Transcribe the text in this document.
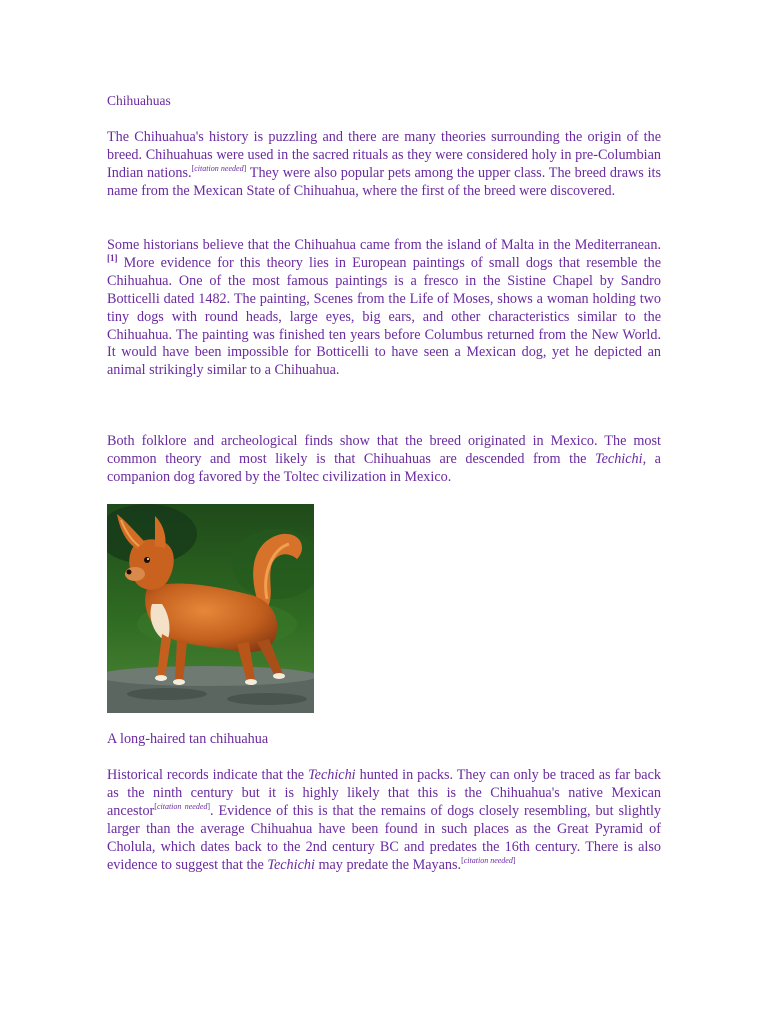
Chihuahuas

The Chihuahua's history is puzzling and there are many theories surrounding the origin of the breed. Chihuahuas were used in the sacred rituals as they were considered holy in pre-Columbian Indian nations.[citation needed] They were also popular pets among the upper class. The breed draws its name from the Mexican State of Chihuahua, where the first of the breed were discovered.

Some historians believe that the Chihuahua came from the island of Malta in the Mediterranean.[1] More evidence for this theory lies in European paintings of small dogs that resemble the Chihuahua. One of the most famous paintings is a fresco in the Sistine Chapel by Sandro Botticelli dated 1482. The painting, Scenes from the Life of Moses, shows a woman holding two tiny dogs with round heads, large eyes, big ears, and other characteristics similar to the Chihuahua. The painting was finished ten years before Columbus returned from the New World. It would have been impossible for Botticelli to have seen a Mexican dog, yet he depicted an animal strikingly similar to a Chihuahua.

Both folklore and archeological finds show that the breed originated in Mexico. The most common theory and most likely is that Chihuahuas are descended from the Techichi, a companion dog favored by the Toltec civilization in Mexico.

A long-haired tan chihuahua

Historical records indicate that the Techichi hunted in packs. They can only be traced as far back as the ninth century but it is highly likely that this is the Chihuahua's native Mexican ancestor[citation needed]. Evidence of this is that the remains of dogs closely resembling, but slightly larger than the average Chihuahua have been found in such places as the Great Pyramid of Cholula, which dates back to the 2nd century BC and predates the 16th century. There is also evidence to suggest that the Techichi may predate the Mayans.[citation needed]
